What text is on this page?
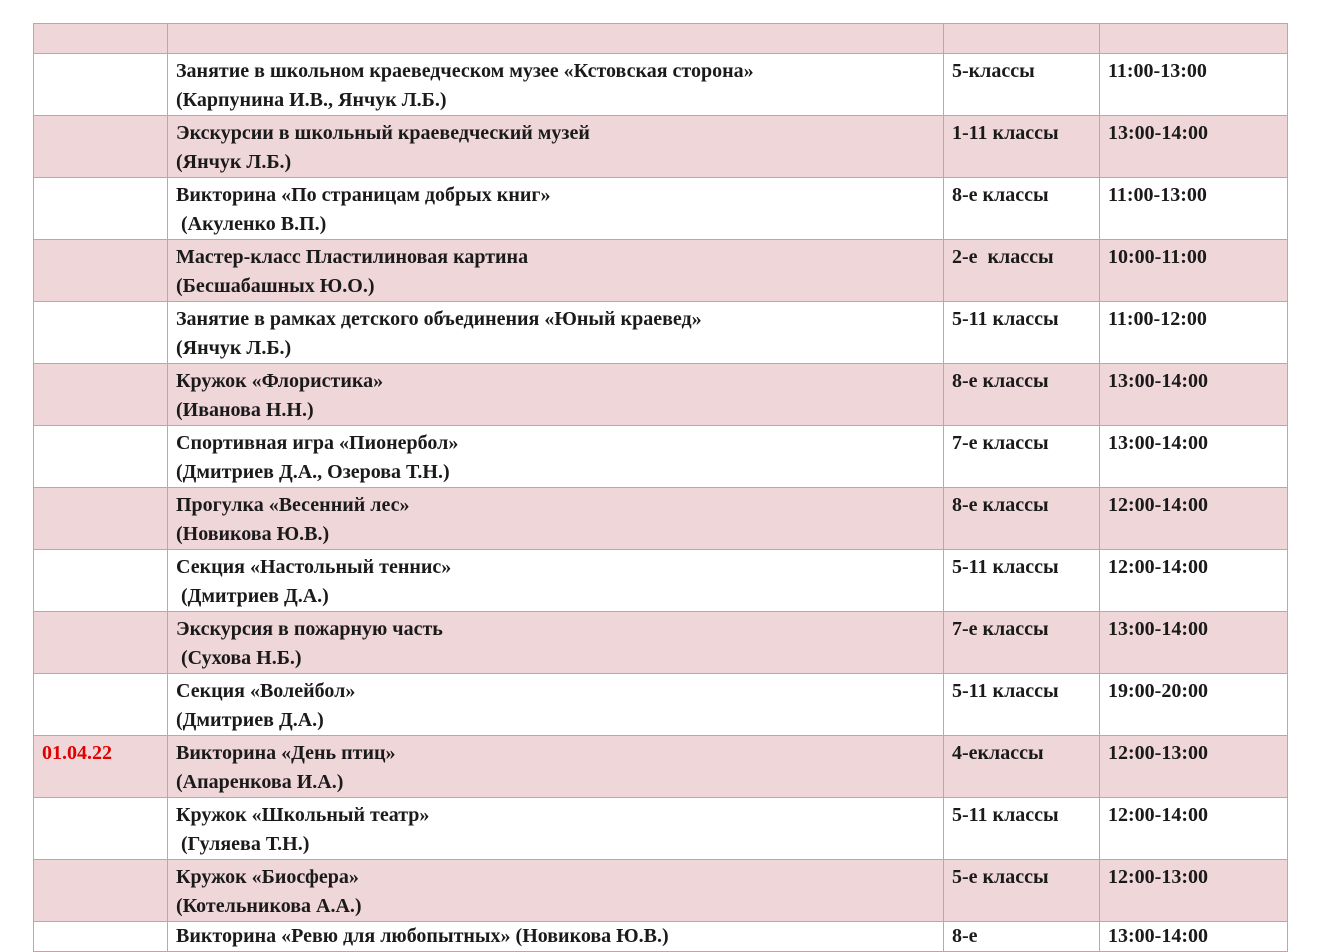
	Занятие в школьном краеведческом музее «Кстовская сторона»
(Карпунина И.В., Янчук Л.Б.)	5-классы	11:00-13:00

	Экскурсии в школьный краеведческий музей
(Янчук Л.Б.)	1-11 классы	13:00-14:00

	Викторина «По страницам добрых книг»
(Акуленко В.П.)	8-е классы	11:00-13:00

	Мастер-класс Пластилиновая картина
(Бесшабашных Ю.О.)	2-е  классы	10:00-11:00

	Занятие в рамках детского объединения «Юный краевед»
(Янчук Л.Б.)	5-11 классы	11:00-12:00

	Кружок «Флористика»
(Иванова Н.Н.)	8-е классы	13:00-14:00

	Спортивная игра «Пионербол»
(Дмитриев Д.А., Озерова Т.Н.)	7-е классы	13:00-14:00

	Прогулка «Весенний лес»
(Новикова Ю.В.)	8-е классы	12:00-14:00

	Секция «Настольный теннис»
(Дмитриев Д.А.)	5-11 классы	12:00-14:00

	Экскурсия в пожарную часть
(Сухова Н.Б.)	7-е классы	13:00-14:00

	Секция «Волейбол»
(Дмитриев Д.А.)	5-11 классы	19:00-20:00
01.04.22	Викторина «День птиц»
(Апаренкова И.А.)	4-еклассы	12:00-13:00

	Кружок «Школьный театр»
(Гуляева Т.Н.)	5-11 классы	12:00-14:00

	Кружок «Биосфера»
(Котельникова А.А.)	5-е классы	12:00-13:00

	Викторина «Ревю для любопытных» (Новикова Ю.В.)	8-е	13:00-14:00
